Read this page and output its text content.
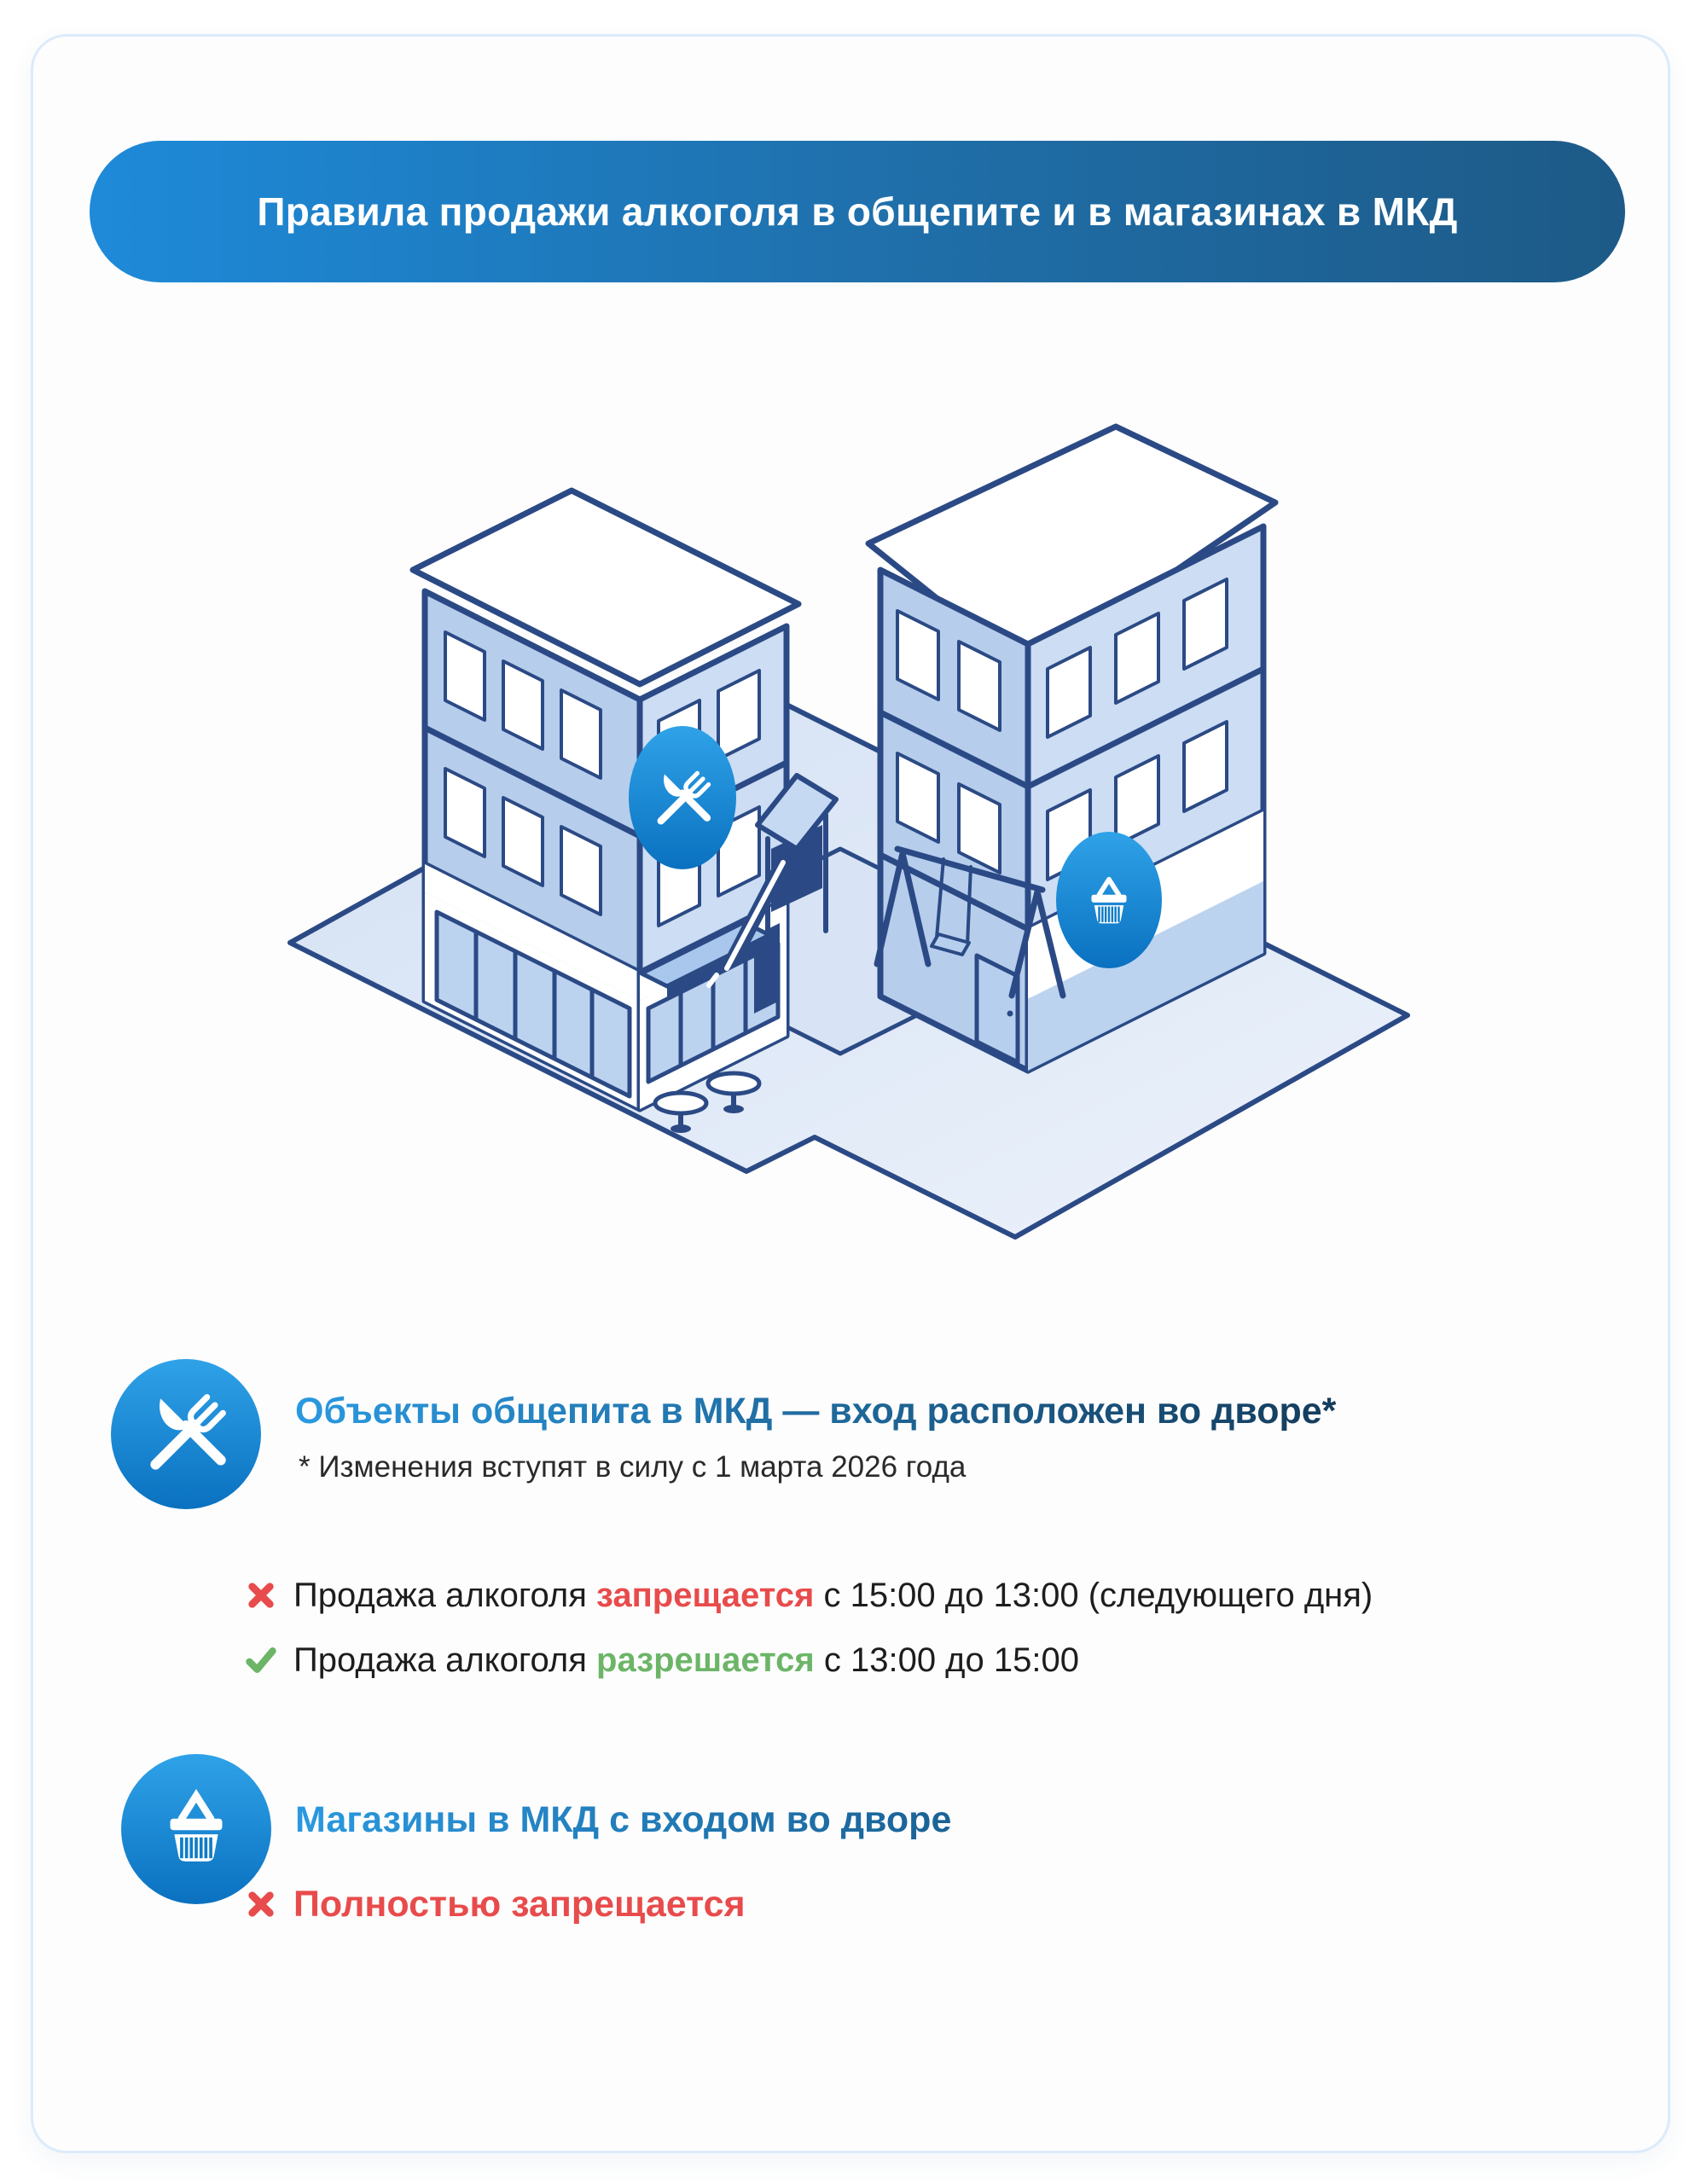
Правила продажи алкоголя в общепите и в магазинах в МКД
Объекты общепита в МКД — вход расположен во дворе*
* Изменения вступят в силу с 1 марта 2026 года
Продажа алкоголя запрещается с 15:00 до 13:00 (следующего дня)
Продажа алкоголя разрешается с 13:00 до 15:00
Магазины в МКД с входом во дворе
Полностью запрещается
